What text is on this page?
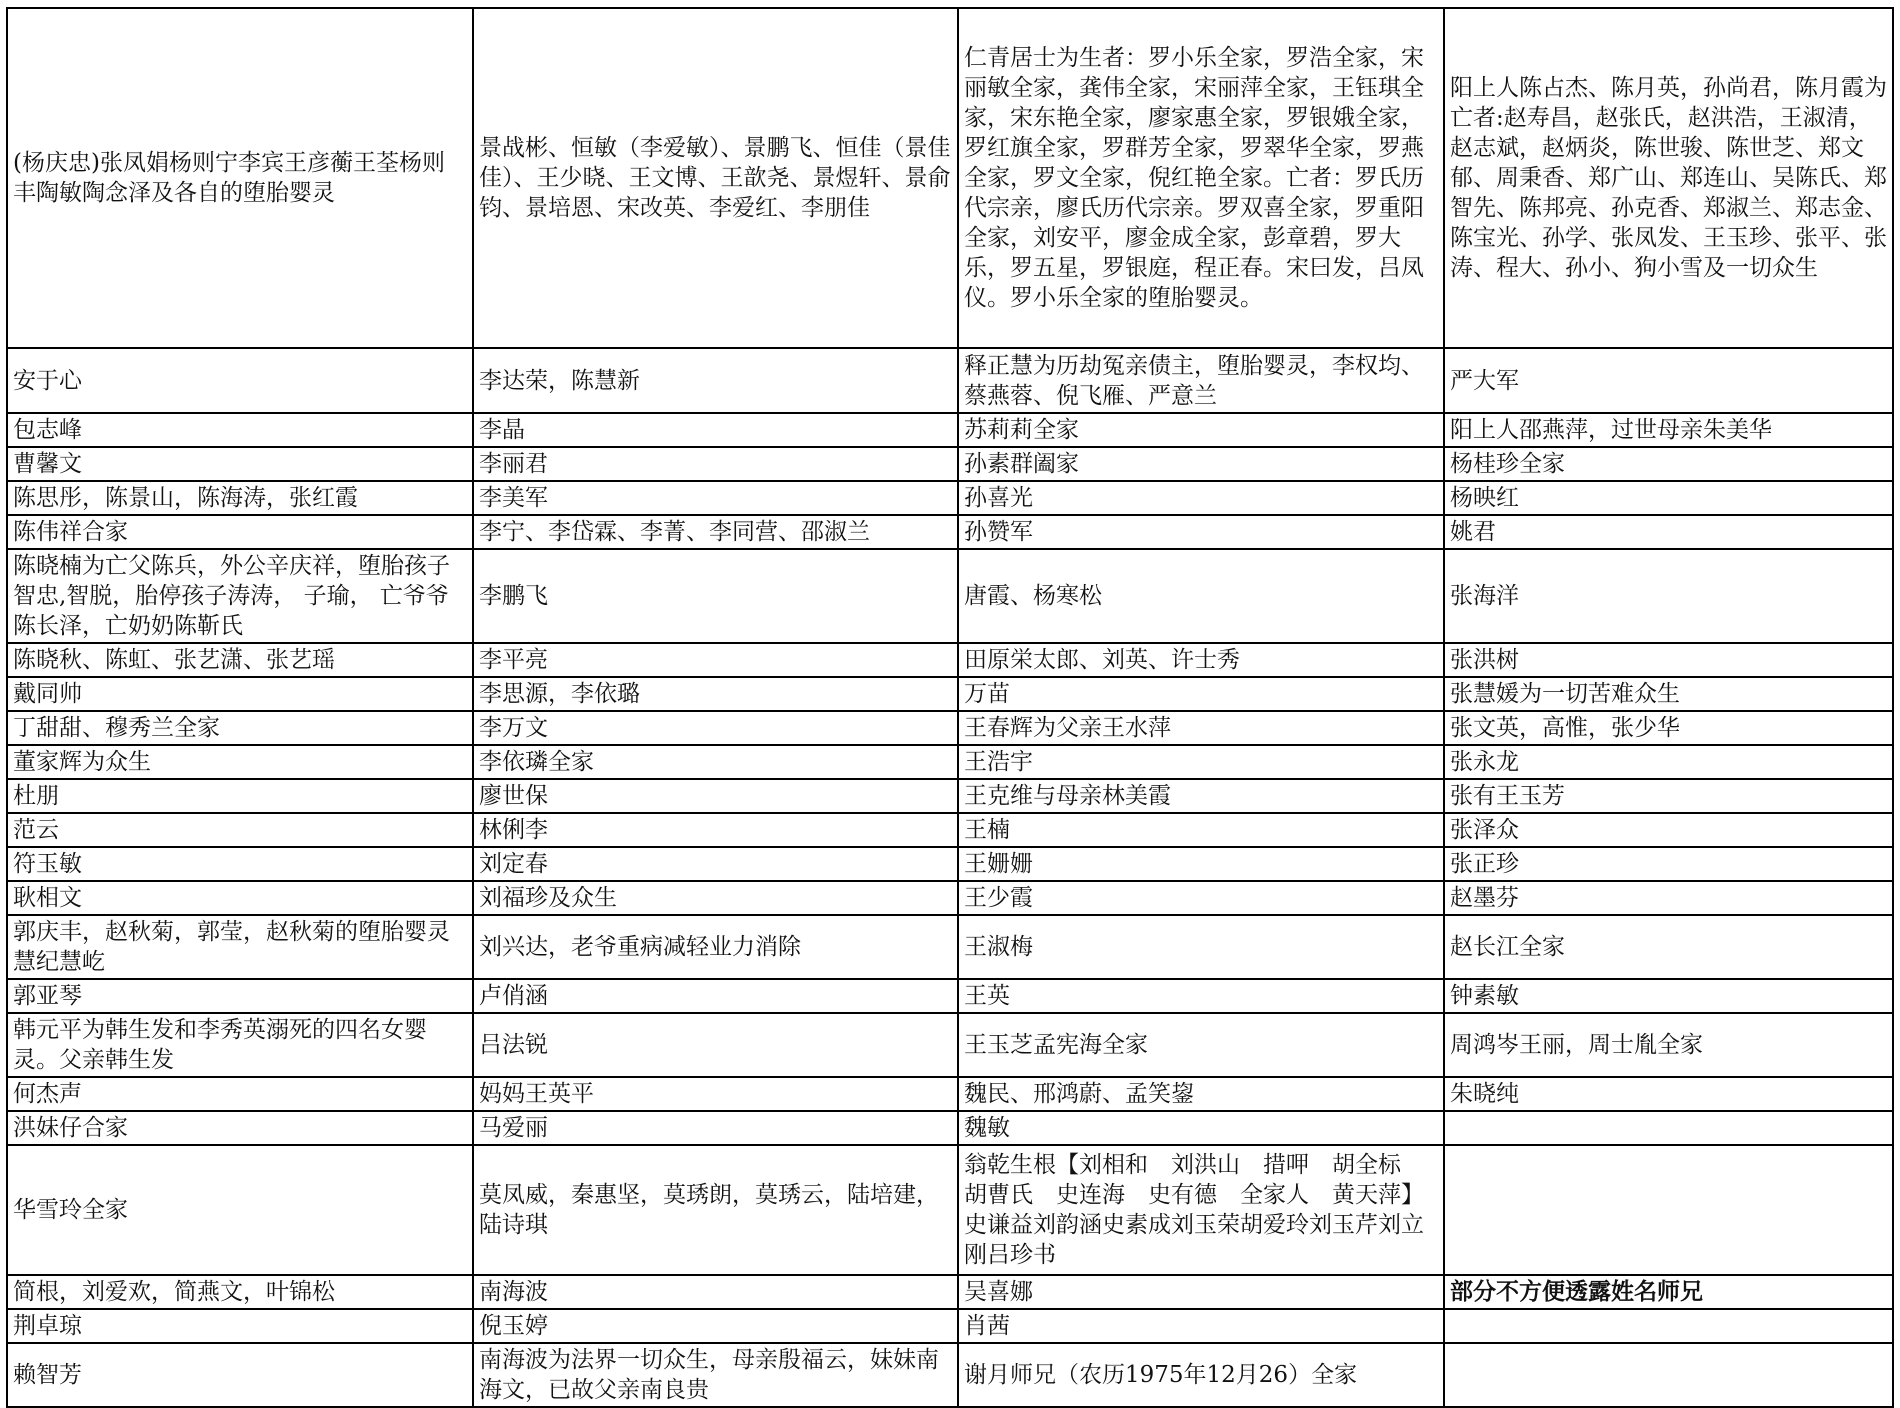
(杨庆忠)张凤娟杨则宁李宾王彦蘅王荃杨则丰陶敏陶念泽及各自的堕胎婴灵	景战彬、恒敏（李爱敏）、景鹏飞、恒佳（景佳佳）、王少晓、王文博、王歆尧、景煜轩、景俞钧、景培恩、宋改英、李爱红、李朋佳	仁青居士为生者：罗小乐全家，罗浩全家，宋丽敏全家，龚伟全家，宋丽萍全家，王钰琪全家，宋东艳全家，廖家惠全家，罗银娥全家，罗红旗全家，罗群芳全家，罗翠华全家，罗燕全家，罗文全家，倪红艳全家。亡者：罗氏历代宗亲，廖氏历代宗亲。罗双喜全家，罗重阳全家，刘安平，廖金成全家，彭章碧，罗大乐，罗五星，罗银庭，程正春。宋曰发，吕凤仪。罗小乐全家的堕胎婴灵。	阳上人陈占杰、陈月英，孙尚君，陈月霞为亡者:赵寿昌，赵张氏，赵洪浩，王淑清，赵志斌，赵炳炎，陈世骏、陈世芝、郑文郁、周秉香、郑广山、郑连山、吴陈氏、郑智先、陈邦亮、孙克香、郑淑兰、郑志金、陈宝光、孙学、张凤发、王玉珍、张平、张涛、程大、孙小、狗小雪及一切众生
安于心	李达荣，陈慧新	释正慧为历劫冤亲债主，堕胎婴灵，李权均、蔡燕蓉、倪飞雁、严意兰	严大军
包志峰	李晶	苏莉莉全家	阳上人邵燕萍，过世母亲朱美华
曹馨文	李丽君	孙素群阖家	杨桂珍全家
陈思彤，陈景山，陈海涛，张红霞	李美军	孙喜光	杨映红
陈伟祥合家	李宁、李岱霖、李菁、李同营、邵淑兰	孙赞军	姚君
陈晓楠为亡父陈兵，外公辛庆祥，堕胎孩子智忠,智脱，胎停孩子涛涛， 子瑜， 亡爷爷陈长泽，亡奶奶陈靳氏	李鹏飞	唐霞、杨寒松	张海洋
陈晓秋、陈虹、张艺潇、张艺瑶	李平亮	田原栄太郎、刘英、许士秀	张洪树
戴同帅	李思源，李依璐	万苗	张慧媛为一切苦难众生
丁甜甜、穆秀兰全家	李万文	王春辉为父亲王水萍	张文英，高惟，张少华
董家辉为众生	李依璘全家	王浩宇	张永龙
杜朋	廖世保	王克维与母亲林美霞	张有王玉芳
范云	林俐李	王楠	张泽众
符玉敏	刘定春	王姗姗	张正珍
耿相文	刘福珍及众生	王少霞	赵墨芬
郭庆丰，赵秋菊，郭莹，赵秋菊的堕胎婴灵慧纪慧屹	刘兴达，老爷重病减轻业力消除	王淑梅	赵长江全家
郭亚琴	卢俏涵	王英	钟素敏
韩元平为韩生发和李秀英溺死的四名女婴灵。父亲韩生发	吕法锐	王玉芝孟宪海全家	周鸿岑王丽，周士胤全家
何杰声	妈妈王英平	魏民、邢鸿蔚、孟笑鋆	朱晓纯
洪妹仔合家	马爱丽	魏敏	
华雪玲全家	莫凤威，秦惠坚，莫琇朗，莫琇云，陆培建，陆诗琪	翁乾生根【刘相和　刘洪山　措呷　胡全标　胡曹氏　史连海　史有德　全家人　黄天萍】　史谦益刘韵涵史素成刘玉荣胡爱玲刘玉芹刘立刚吕珍书	
简根，刘爱欢，简燕文，叶锦松	南海波	吴喜娜	部分不方便透露姓名师兄
荆卓琼	倪玉婷	肖茜	
赖智芳	南海波为法界一切众生，母亲殷福云，妹妹南海文，已故父亲南良贵	谢月师兄（农历1975年12月26）全家	
